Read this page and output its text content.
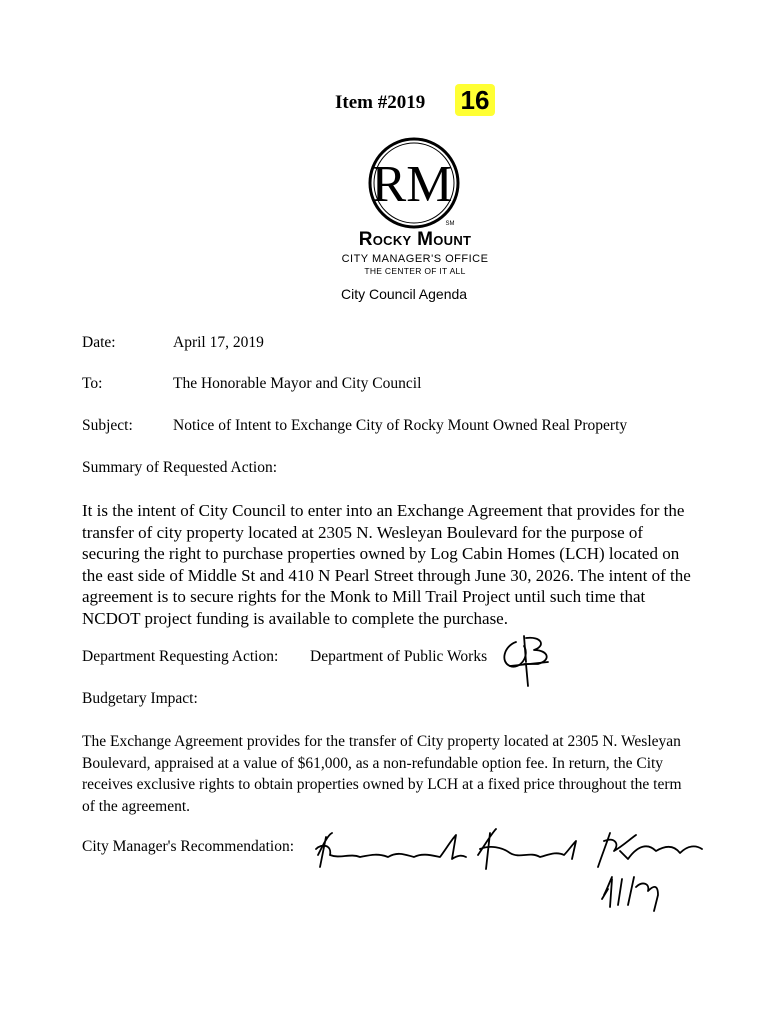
Item #2019 16
RM
SM
Rocky Mount
CITY MANAGER'S OFFICE
THE CENTER OF IT ALL
City Council Agenda
Date:	April 17, 2019
To:	The Honorable Mayor and City Council
Subject:	Notice of Intent to Exchange City of Rocky Mount Owned Real Property
Summary of Requested Action:
It is the intent of City Council to enter into an Exchange Agreement that provides for the transfer of city property located at 2305 N. Wesleyan Boulevard for the purpose of securing the right to purchase properties owned by Log Cabin Homes (LCH) located on the east side of Middle St and 410 N Pearl Street through June 30, 2026. The intent of the agreement is to secure rights for the Monk to Mill Trail Project until such time that NCDOT project funding is available to complete the purchase.
Department Requesting Action: Department of Public Works
Budgetary Impact:
The Exchange Agreement provides for the transfer of City property located at 2305 N. Wesleyan Boulevard, appraised at a value of $61,000, as a non-refundable option fee. In return, the City receives exclusive rights to obtain properties owned by LCH at a fixed price throughout the term of the agreement.
City Manager's Recommendation:
